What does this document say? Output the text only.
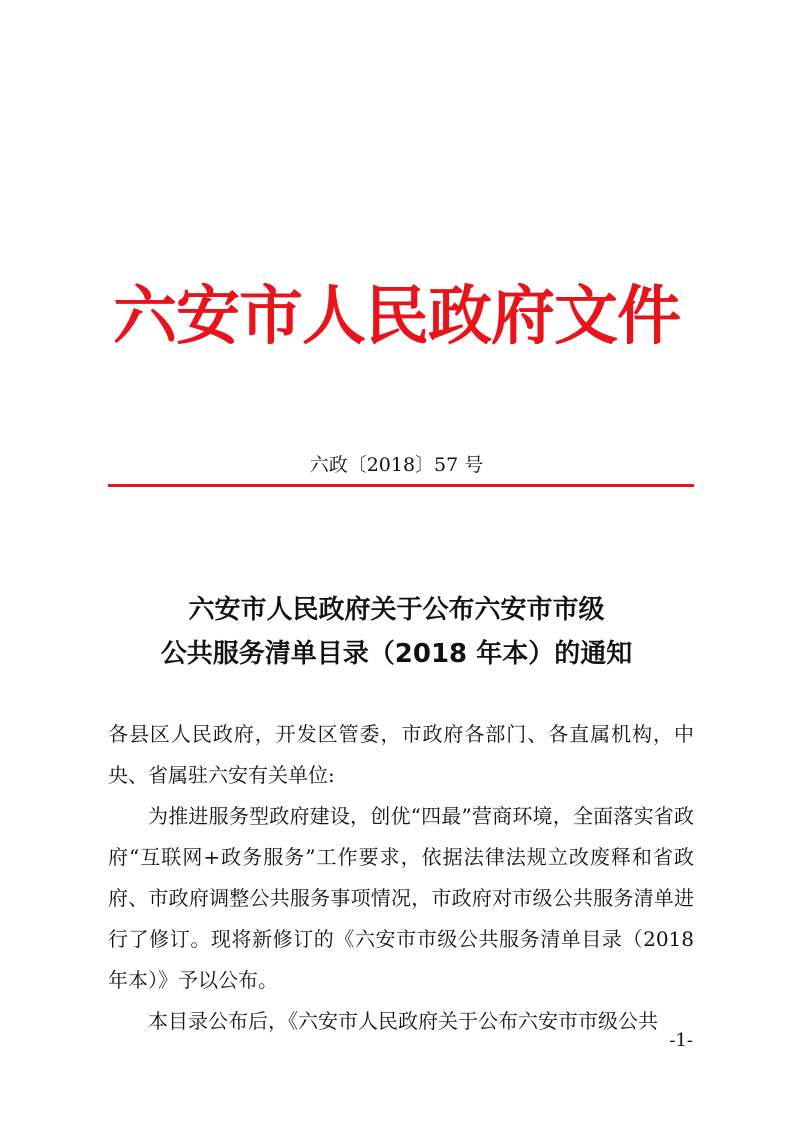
六安市人民政府文件
六政〔2018〕57 号
六安市人民政府关于公布六安市市级
公共服务清单目录（2018 年本）的通知

各县区人民政府，开发区管委，市政府各部门、各直属机构，中央、省属驻六安有关单位:

为推进服务型政府建设，创优“四最”营商环境，全面落实省政府“互联网+政务服务”工作要求，依据法律法规立改废释和省政府、市政府调整公共服务事项情况，市政府对市级公共服务清单进行了修订。现将新修订的《六安市市级公共服务清单目录（2018 年本）》予以公布。

本目录公布后，《六安市人民政府关于公布六安市市级公共

-1-
